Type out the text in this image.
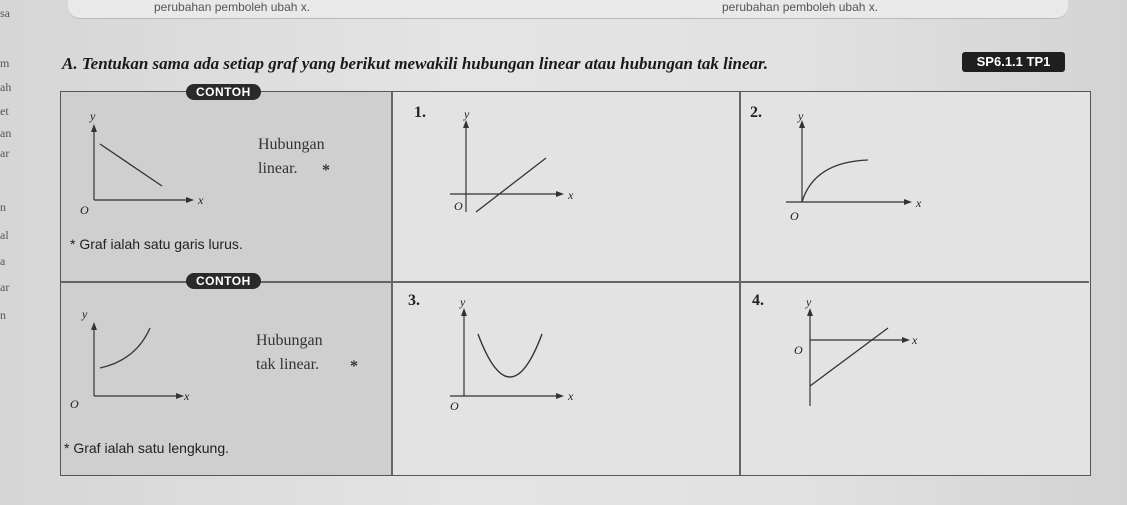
perubahan pemboleh ubah x.	perubahan pemboleh ubah x.
sa
m
ah
et
an
ar
n
al
a
ar
n
A. Tentukan sama ada setiap graf yang berikut mewakili hubungan linear atau hubungan tak linear.	SP6.1.1 TP1
CONTOH
CONTOH
y
O
x
Hubungan
linear. *
* Graf ialah satu garis lurus.
y
O
x
Hubungan
tak linear. *
* Graf ialah satu lengkung.
1.	2.
3.	4.
y
O
x
y
O
x
y
O
x
y
O
x
